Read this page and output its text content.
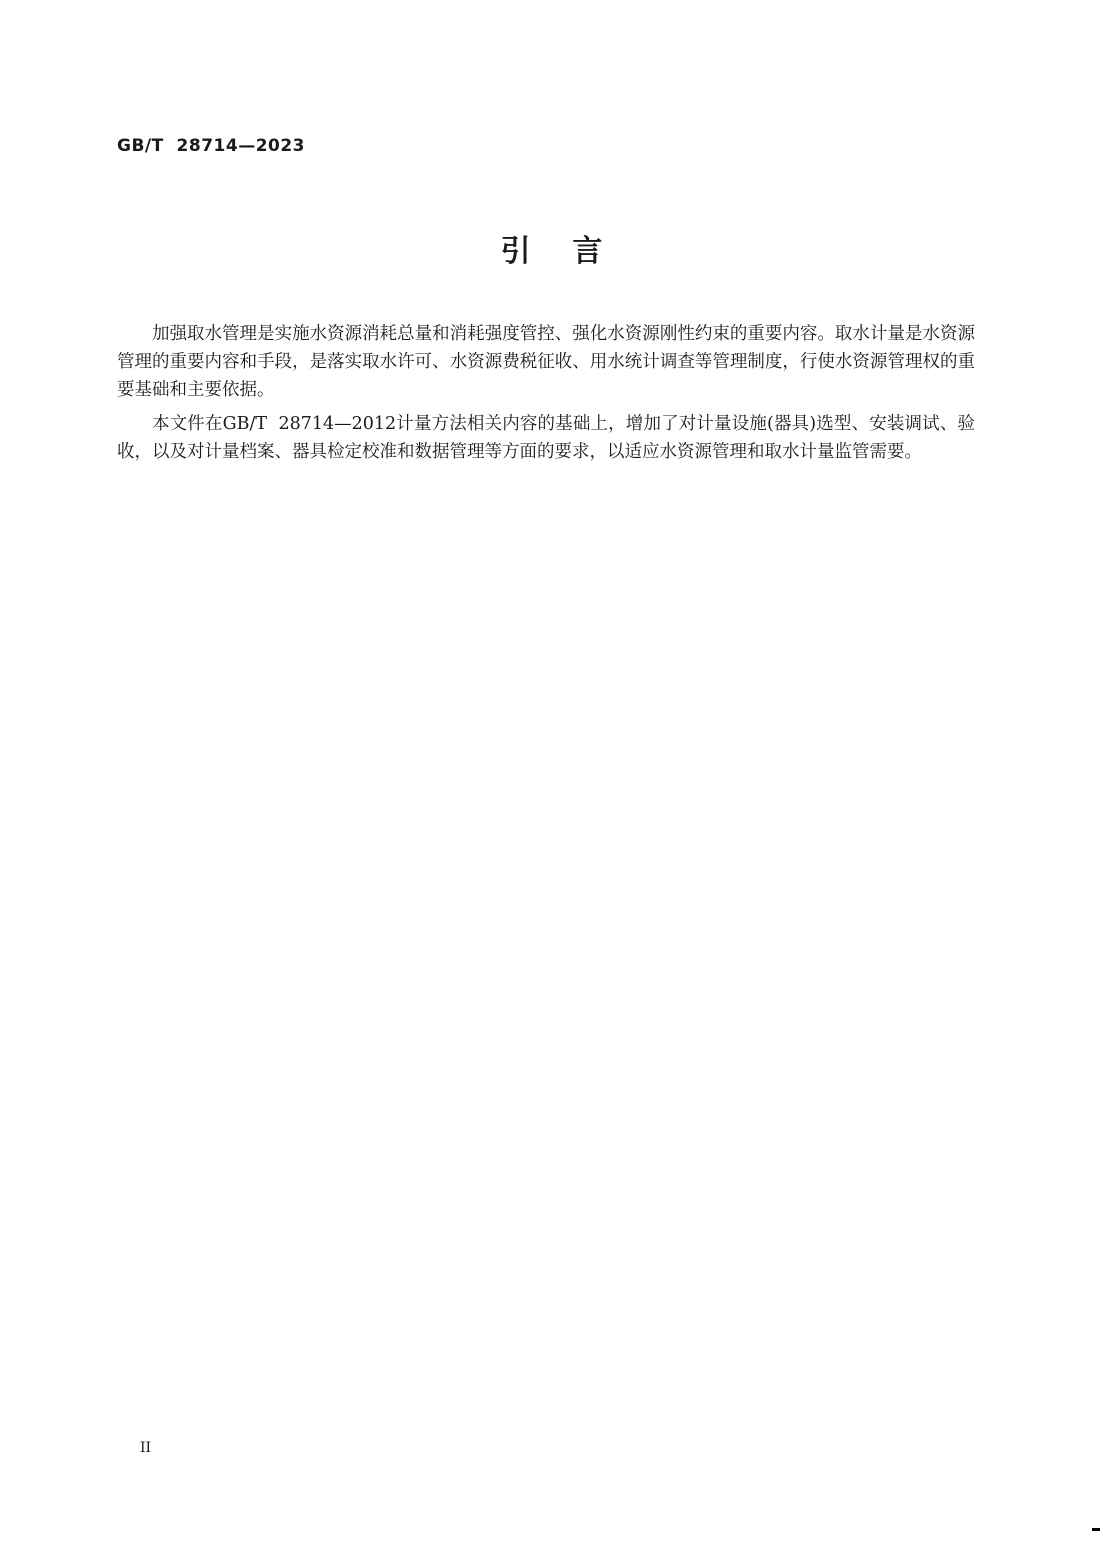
GB/T  28714—2023
引    言

加强取水管理是实施水资源消耗总量和消耗强度管控、强化水资源刚性约束的重要内容。取水计量是水资源管理的重要内容和手段，是落实取水许可、水资源费税征收、用水统计调查等管理制度，行使水资源管理权的重要基础和主要依据。

本文件在GB/T  28714—2012计量方法相关内容的基础上，增加了对计量设施(器具)选型、安装调试、验收，以及对计量档案、器具检定校准和数据管理等方面的要求，以适应水资源管理和取水计量监管需要。

II
